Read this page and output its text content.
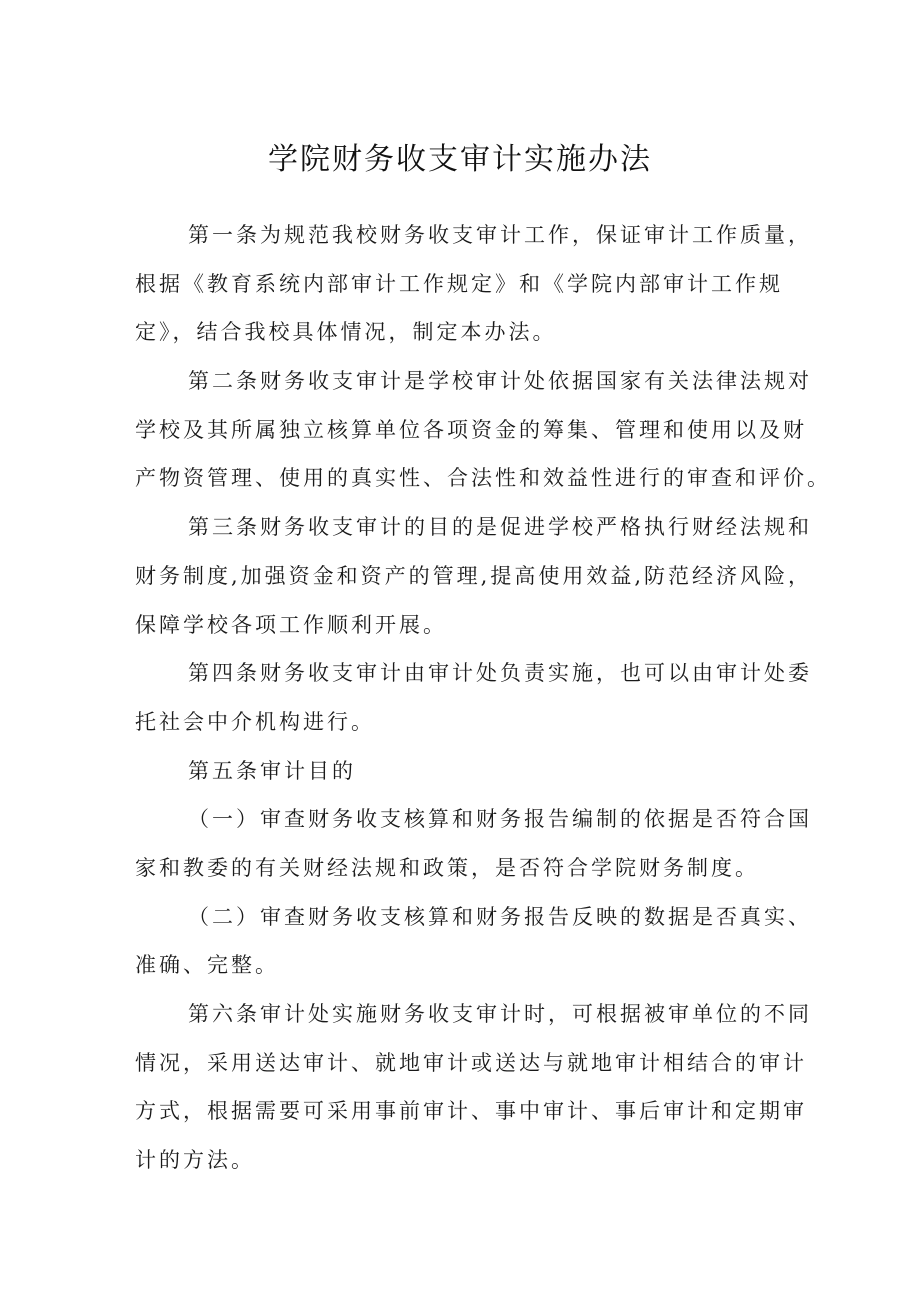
学院财务收支审计实施办法
第一条为规范我校财务收支审计工作，保证审计工作质量，
根据《教育系统内部审计工作规定》和《学院内部审计工作规
定》，结合我校具体情况，制定本办法。
第二条财务收支审计是学校审计处依据国家有关法律法规对
学校及其所属独立核算单位各项资金的筹集、管理和使用以及财
产物资管理、使用的真实性、合法性和效益性进行的审查和评价。
第三条财务收支审计的目的是促进学校严格执行财经法规和
财务制度,加强资金和资产的管理,提高使用效益,防范经济风险，
保障学校各项工作顺利开展。
第四条财务收支审计由审计处负责实施，也可以由审计处委
托社会中介机构进行。
第五条审计目的
（一）审查财务收支核算和财务报告编制的依据是否符合国
家和教委的有关财经法规和政策，是否符合学院财务制度。
（二）审查财务收支核算和财务报告反映的数据是否真实、
准确、完整。
第六条审计处实施财务收支审计时，可根据被审单位的不同
情况，采用送达审计、就地审计或送达与就地审计相结合的审计
方式，根据需要可采用事前审计、事中审计、事后审计和定期审
计的方法。
